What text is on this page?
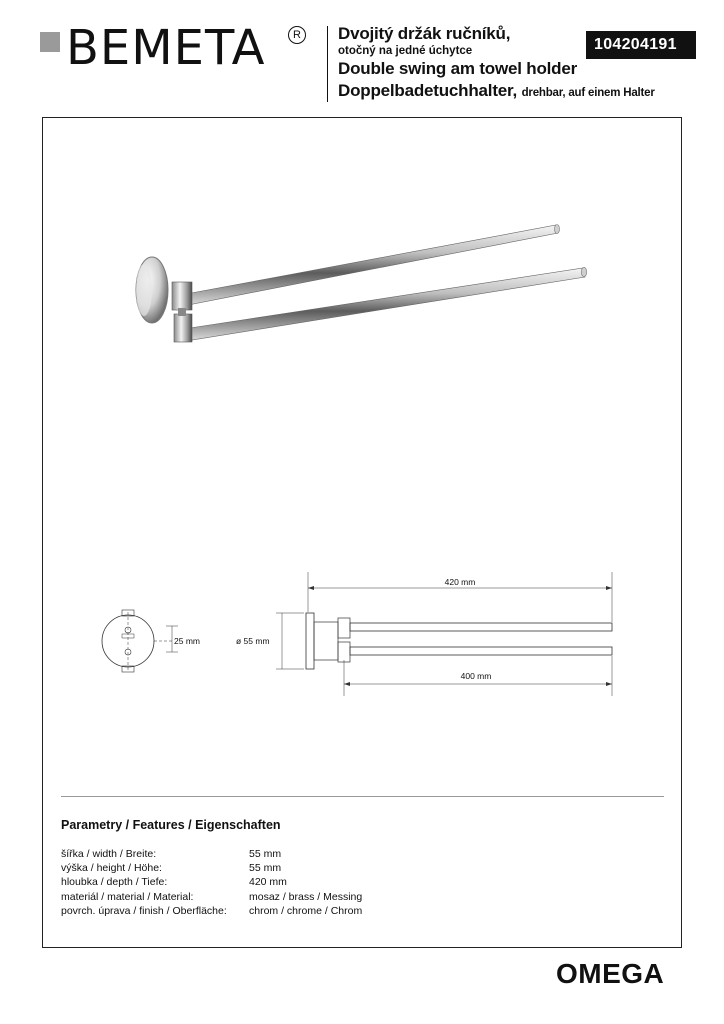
BEMETA	R Dvojitý držák ručníků,
otočný na jedné úchytce
Double swing am towel holder
Doppelbadetuchhalter, drehbar, auf einem Halter
104204191
25 mm	ø 55 mm
420 mm
400 mm
Parametry / Features / Eigenschaften
šířka / width / Breite:	55 mm
výška / height / Höhe:	55 mm
hloubka / depth / Tiefe:	420 mm
materiál / material / Material:	mosaz / brass / Messing
povrch. úprava / finish / Oberfläche:	chrom / chrome / Chrom
OMEGA
